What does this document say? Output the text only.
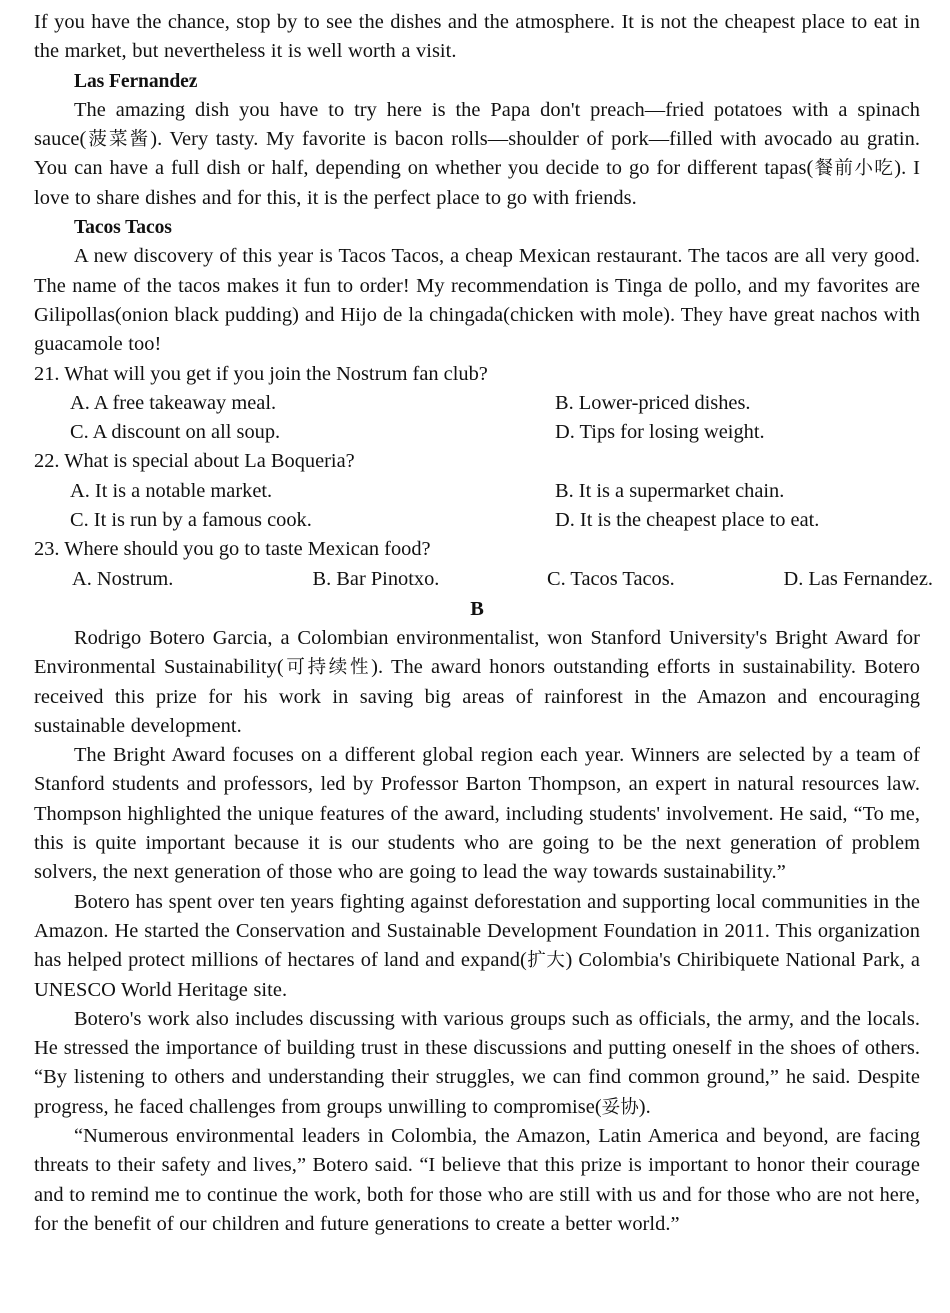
If you have the chance, stop by to see the dishes and the atmosphere. It is not the cheapest place to eat in the market, but nevertheless it is well worth a visit.

Las Fernandez

The amazing dish you have to try here is the Papa don't preach—fried potatoes with a spinach sauce(菠菜酱). Very tasty. My favorite is bacon rolls—shoulder of pork—filled with avocado au gratin. You can have a full dish or half, depending on whether you decide to go for different tapas(餐前小吃). I love to share dishes and for this, it is the perfect place to go with friends.

Tacos Tacos

A new discovery of this year is Tacos Tacos, a cheap Mexican restaurant. The tacos are all very good. The name of the tacos makes it fun to order! My recommendation is Tinga de pollo, and my favorites are Gilipollas(onion black pudding) and Hijo de la chingada(chicken with mole). They have great nachos with guacamole too!

21. What will you get if you join the Nostrum fan club?

A. A free takeaway meal.	B. Lower-priced dishes.
C. A discount on all soup.	D. Tips for losing weight.

22. What is special about La Boqueria?

A. It is a notable market.	B. It is a supermarket chain.
C. It is run by a famous cook.	D. It is the cheapest place to eat.

23. Where should you go to taste Mexican food?

A. Nostrum.	B. Bar Pinotxo.	C. Tacos Tacos.	D. Las Fernandez.

B

Rodrigo Botero Garcia, a Colombian environmentalist, won Stanford University's Bright Award for Environmental Sustainability(可持续性). The award honors outstanding efforts in sustainability. Botero received this prize for his work in saving big areas of rainforest in the Amazon and encouraging sustainable development.

The Bright Award focuses on a different global region each year. Winners are selected by a team of Stanford students and professors, led by Professor Barton Thompson, an expert in natural resources law. Thompson highlighted the unique features of the award, including students' involvement. He said, “To me, this is quite important because it is our students who are going to be the next generation of problem solvers, the next generation of those who are going to lead the way towards sustainability.”

Botero has spent over ten years fighting against deforestation and supporting local communities in the Amazon. He started the Conservation and Sustainable Development Foundation in 2011. This organization has helped protect millions of hectares of land and expand(扩大) Colombia's Chiribiquete National Park, a UNESCO World Heritage site.

Botero's work also includes discussing with various groups such as officials, the army, and the locals. He stressed the importance of building trust in these discussions and putting oneself in the shoes of others. “By listening to others and understanding their struggles, we can find common ground,” he said. Despite progress, he faced challenges from groups unwilling to compromise(妥协).

“Numerous environmental leaders in Colombia, the Amazon, Latin America and beyond, are facing threats to their safety and lives,” Botero said. “I believe that this prize is important to honor their courage and to remind me to continue the work, both for those who are still with us and for those who are not here, for the benefit of our children and future generations to create a better world.”
